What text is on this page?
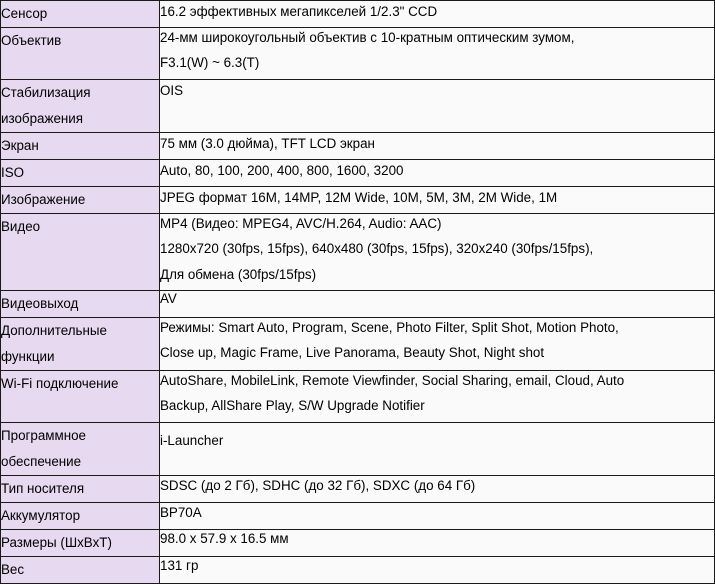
Сенсор	16.2 эффективных мегапикселей 1/2.3" CCD

Объектив	24-мм широкоугольный объектив с 10-кратным оптическим зумом,
F3.1(W) ~ 6.3(T)

Стабилизация изображения	OIS

Экран	75 мм (3.0 дюйма), TFT LCD экран

ISO	Auto, 80, 100, 200, 400, 800, 1600, 3200

Изображение	JPEG формат 16M, 14MP, 12M Wide, 10M, 5M, 3M, 2M Wide, 1M

Видео	MP4 (Видео: MPEG4, AVC/H.264, Audio: AAC)
1280x720 (30fps, 15fps), 640x480 (30fps, 15fps), 320x240 (30fps/15fps),
Для обмена (30fps/15fps)

Видеовыход	AV

Дополнительные функции	Режимы: Smart Auto, Program, Scene, Photo Filter, Split Shot, Motion Photo,
Close up, Magic Frame, Live Panorama, Beauty Shot, Night shot

Wi-Fi подключение	AutoShare, MobileLink, Remote Viewfinder, Social Sharing, email, Cloud, Auto
Backup, AllShare Play, S/W Upgrade Notifier

Программное обеспечение	i-Launcher

Тип носителя	SDSC (до 2 Гб), SDHC (до 32 Гб), SDXC (до 64 Гб)

Аккумулятор	BP70A

Размеры (ШхВхТ)	98.0 x 57.9 x 16.5 мм

Вес	131 гр
